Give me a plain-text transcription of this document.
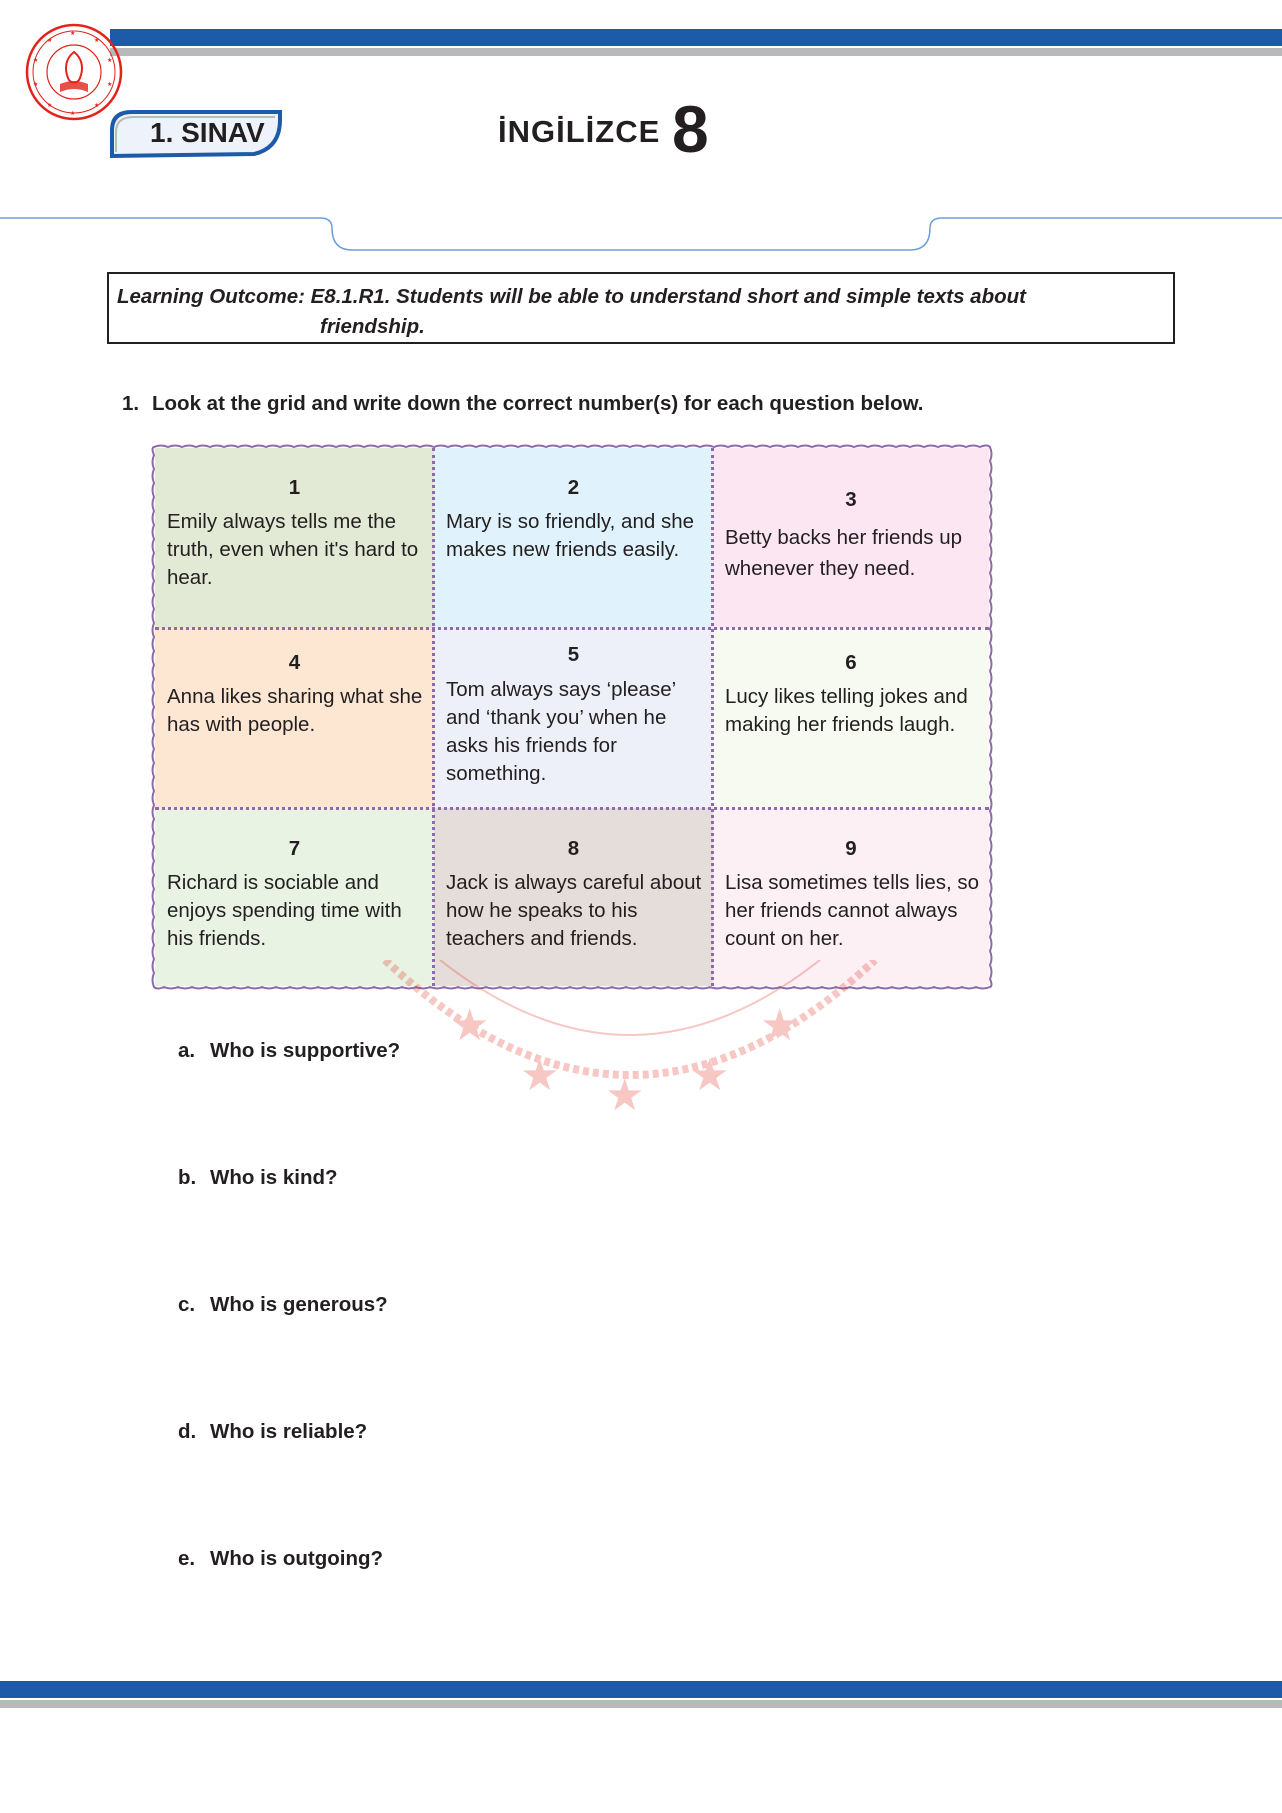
★
★
★
★
★
★
★
★
★
★
1. SINAV	İNGİLİZCE 8
Learning Outcome: E8.1.R1. Students will be able to understand short and simple texts about
friendship.
1. Look at the grid and write down the correct number(s) for each question below.
1
Emily always tells me the truth, even when it's hard to hear.
2
Mary is so friendly, and she makes new friends easily.
3
Betty backs her friends up whenever they need.
4
Anna likes sharing what she has with people.
5
Tom always says ‘please’ and ‘thank you’ when he asks his friends for something.
6
Lucy likes telling jokes and making her friends laugh.
7
Richard is sociable and enjoys spending time with his friends.
8
Jack is always careful about how he speaks to his teachers and friends.
9
Lisa sometimes tells lies, so her friends cannot always count on her.
★
★ ★ ★
★
a. Who is supportive?
b. Who is kind?
c. Who is generous?
d. Who is reliable?
e. Who is outgoing?
